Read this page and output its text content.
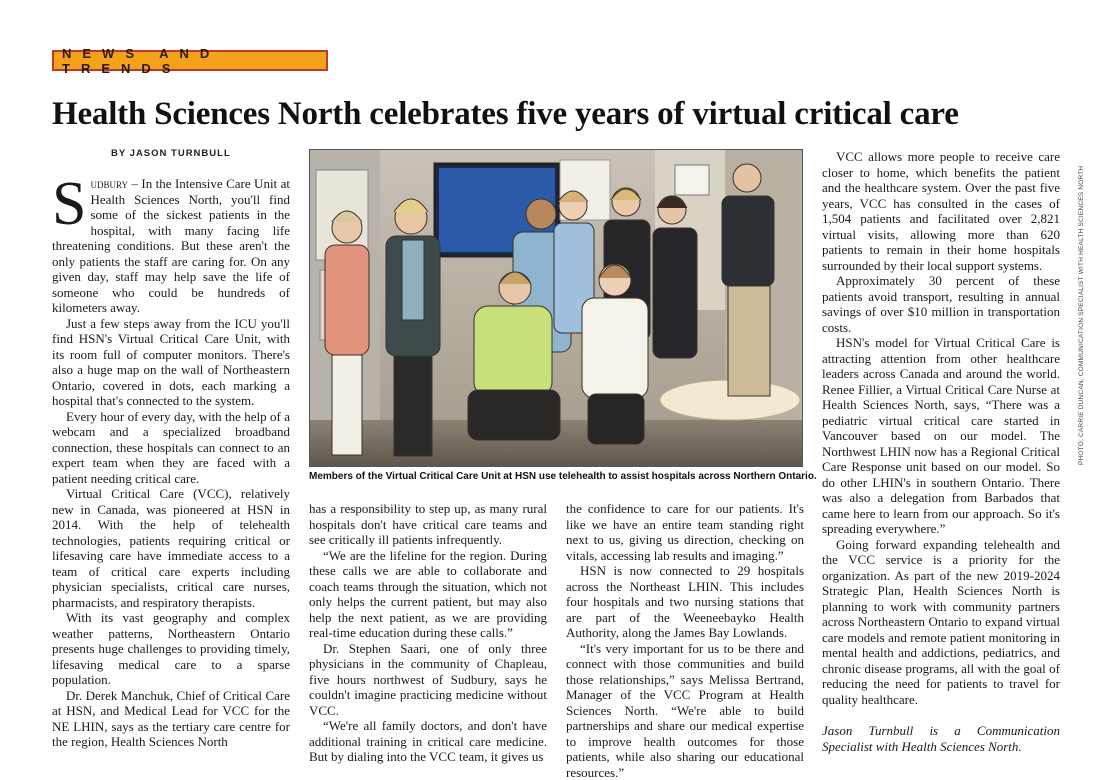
NEWS AND TRENDS
Health Sciences North celebrates five years of virtual critical care
BY JASON TURNBULL

Sudbury – In the Intensive Care Unit at Health Sciences North, you'll find some of the sickest patients in the hospital, with many facing life threatening conditions. But these aren't the only patients the staff are caring for. On any given day, staff may help save the life of someone who could be hundreds of kilometers away.

Just a few steps away from the ICU you'll find HSN's Virtual Critical Care Unit, with its room full of computer monitors. There's also a huge map on the wall of Northeastern Ontario, covered in dots, each marking a hospital that's connected to the system.

Every hour of every day, with the help of a webcam and a specialized broadband connection, these hospitals can connect to an expert team when they are faced with a patient needing critical care.

Virtual Critical Care (VCC), relatively new in Canada, was pioneered at HSN in 2014. With the help of telehealth technologies, patients requiring critical or lifesaving care have immediate access to a team of critical care experts including physician specialists, critical care nurses, pharmacists, and respiratory therapists.

With its vast geography and complex weather patterns, Northeastern Ontario presents huge challenges to providing timely, lifesaving medical care to a sparse population.

Dr. Derek Manchuk, Chief of Critical Care at HSN, and Medical Lead for VCC for the NE LHIN, says as the tertiary care centre for the region, Health Sciences North

Members of the Virtual Critical Care Unit at HSN use telehealth to assist hospitals across Northern Ontario.
PHOTO: CARRIE DUNCAN, COMMUNICATION SPECIALIST WITH HEALTH SCIENCES NORTH

has a responsibility to step up, as many rural hospitals don't have critical care teams and see critically ill patients infrequently.

“We are the lifeline for the region. During these calls we are able to collaborate and coach teams through the situation, which not only helps the current patient, but may also help the next patient, as we are providing real-time education during these calls.”

Dr. Stephen Saari, one of only three physicians in the community of Chapleau, five hours northwest of Sudbury, says he couldn't imagine practicing medicine without VCC.

“We're all family doctors, and don't have additional training in critical care medicine. But by dialing into the VCC team, it gives us

the confidence to care for our patients. It's like we have an entire team standing right next to us, giving us direction, checking on vitals, accessing lab results and imaging.”

HSN is now connected to 29 hospitals across the Northeast LHIN. This includes four hospitals and two nursing stations that are part of the Weeneebayko Health Authority, along the James Bay Lowlands.

“It's very important for us to be there and connect with those communities and build those relationships,” says Melissa Bertrand, Manager of the VCC Program at Health Sciences North. “We're able to build partnerships and share our medical expertise to improve health outcomes for those patients, while also sharing our educational resources.”

VCC allows more people to receive care closer to home, which benefits the patient and the healthcare system. Over the past five years, VCC has consulted in the cases of 1,504 patients and facilitated over 2,821 virtual visits, allowing more than 620 patients to remain in their home hospitals surrounded by their local support systems.

Approximately 30 percent of these patients avoid transport, resulting in annual savings of over $10 million in transportation costs.

HSN's model for Virtual Critical Care is attracting attention from other healthcare leaders across Canada and around the world. Renee Fillier, a Virtual Critical Care Nurse at Health Sciences North, says, “There was a pediatric virtual critical care started in Vancouver based on our model. The Northwest LHIN now has a Regional Critical Care Response unit based on our model. So do other LHIN's in southern Ontario. There was also a delegation from Barbados that came here to learn from our approach. So it's spreading everywhere.”

Going forward expanding telehealth and the VCC service is a priority for the organization. As part of the new 2019-2024 Strategic Plan, Health Sciences North is planning to work with community partners across Northeastern Ontario to expand virtual care models and remote patient monitoring in mental health and addictions, pediatrics, and chronic disease programs, all with the goal of reducing the need for patients to travel for quality healthcare.

Jason Turnbull is a Communication Specialist with Health Sciences North.
